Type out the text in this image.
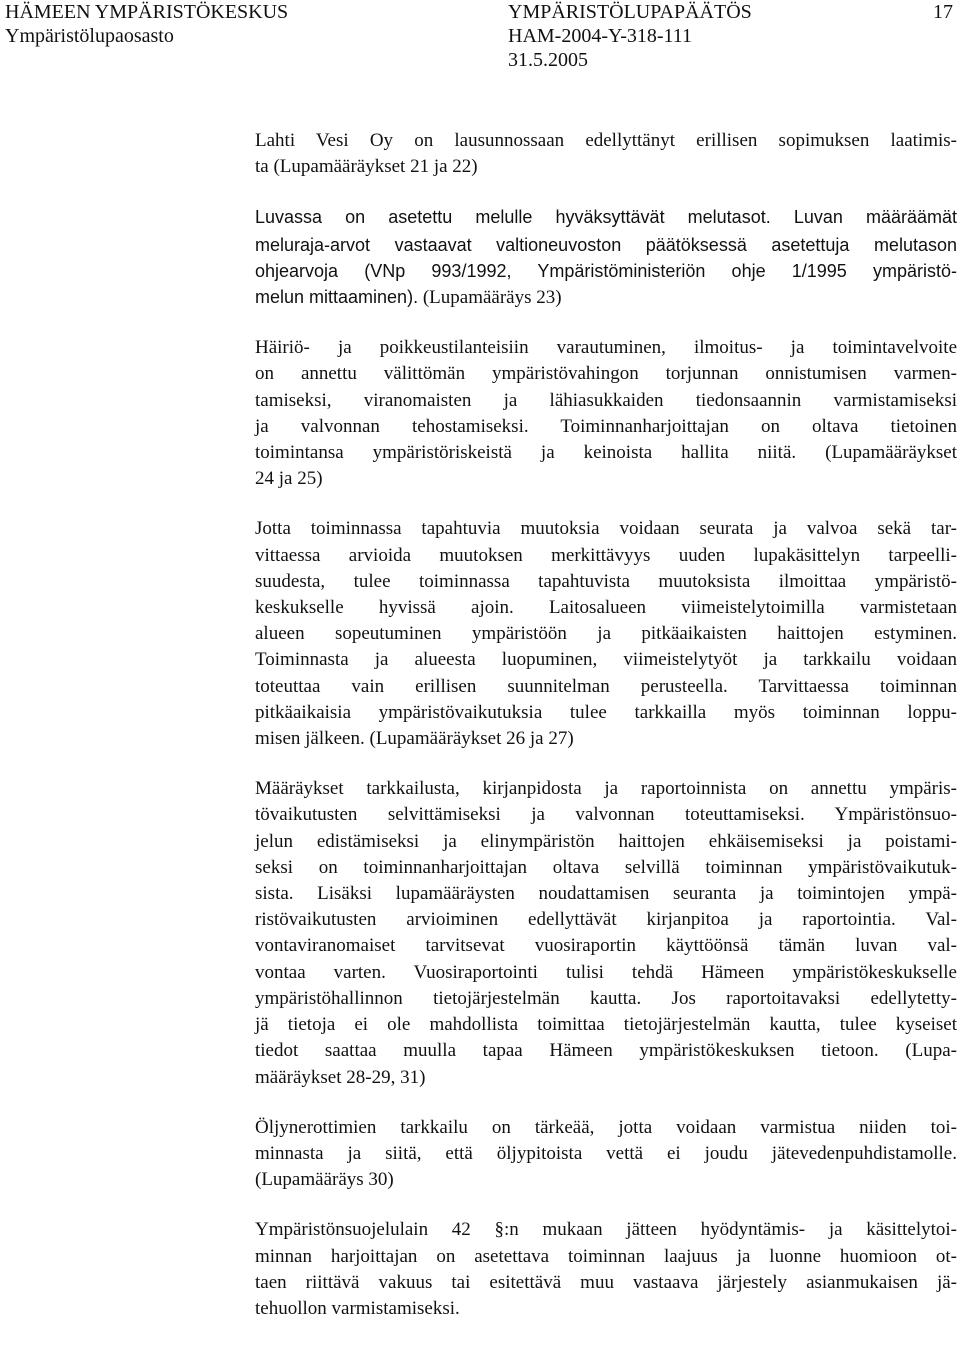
HÄMEEN YMPÄRISTÖKESKUS
Ympäristölupaosasto
YMPÄRISTÖLUPAPÄÄTÖS
HAM-2004-Y-318-111
31.5.2005
17
Lahti Vesi Oy on lausunnossaan edellyttänyt erillisen sopimuksen laatimis-
ta (Lupamääräykset 21 ja 22)
Luvassa on asetettu melulle hyväksyttävät melutasot. Luvan määräämät
meluraja-arvot vastaavat valtioneuvoston päätöksessä asetettuja melutason
ohjearvoja (VNp 993/1992, Ympäristöministeriön ohje 1/1995 ympäristö-
melun mittaaminen). (Lupamääräys 23)
Häiriö- ja poikkeustilanteisiin varautuminen, ilmoitus- ja toimintavelvoite
on annettu välittömän ympäristövahingon torjunnan onnistumisen varmen-
tamiseksi, viranomaisten ja lähiasukkaiden tiedonsaannin varmistamiseksi
ja valvonnan tehostamiseksi. Toiminnanharjoittajan on oltava tietoinen
toimintansa ympäristöriskeistä ja keinoista hallita niitä. (Lupamääräykset
24 ja 25)
Jotta toiminnassa tapahtuvia muutoksia voidaan seurata ja valvoa sekä tar-
vittaessa arvioida muutoksen merkittävyys uuden lupakäsittelyn tarpeelli-
suudesta, tulee toiminnassa tapahtuvista muutoksista ilmoittaa ympäristö-
keskukselle hyvissä ajoin. Laitosalueen viimeistelytoimilla varmistetaan
alueen sopeutuminen ympäristöön ja pitkäaikaisten haittojen estyminen.
Toiminnasta ja alueesta luopuminen, viimeistelytyöt ja tarkkailu voidaan
toteuttaa vain erillisen suunnitelman perusteella. Tarvittaessa toiminnan
pitkäaikaisia ympäristövaikutuksia tulee tarkkailla myös toiminnan loppu-
misen jälkeen. (Lupamääräykset 26 ja 27)
Määräykset tarkkailusta, kirjanpidosta ja raportoinnista on annettu ympäris-
tövaikutusten selvittämiseksi ja valvonnan toteuttamiseksi. Ympäristönsuo-
jelun edistämiseksi ja elinympäristön haittojen ehkäisemiseksi ja poistami-
seksi on toiminnanharjoittajan oltava selvillä toiminnan ympäristövaikutuk-
sista. Lisäksi lupamääräysten noudattamisen seuranta ja toimintojen ympä-
ristövaikutusten arvioiminen edellyttävät kirjanpitoa ja raportointia. Val-
vontaviranomaiset tarvitsevat vuosiraportin käyttöönsä tämän luvan val-
vontaa varten. Vuosiraportointi tulisi tehdä Hämeen ympäristökeskukselle
ympäristöhallinnon tietojärjestelmän kautta. Jos raportoitavaksi edellytetty-
jä tietoja ei ole mahdollista toimittaa tietojärjestelmän kautta, tulee kyseiset
tiedot saattaa muulla tapaa Hämeen ympäristökeskuksen tietoon. (Lupa-
määräykset 28-29, 31)
Öljynerottimien tarkkailu on tärkeää, jotta voidaan varmistua niiden toi-
minnasta ja siitä, että öljypitoista vettä ei joudu jätevedenpuhdistamolle.
(Lupamääräys 30)
Ympäristönsuojelulain 42 §:n mukaan jätteen hyödyntämis- ja käsittelytoi-
minnan harjoittajan on asetettava toiminnan laajuus ja luonne huomioon ot-
taen riittävä vakuus tai esitettävä muu vastaava järjestely asianmukaisen jä-
tehuollon varmistamiseksi.
